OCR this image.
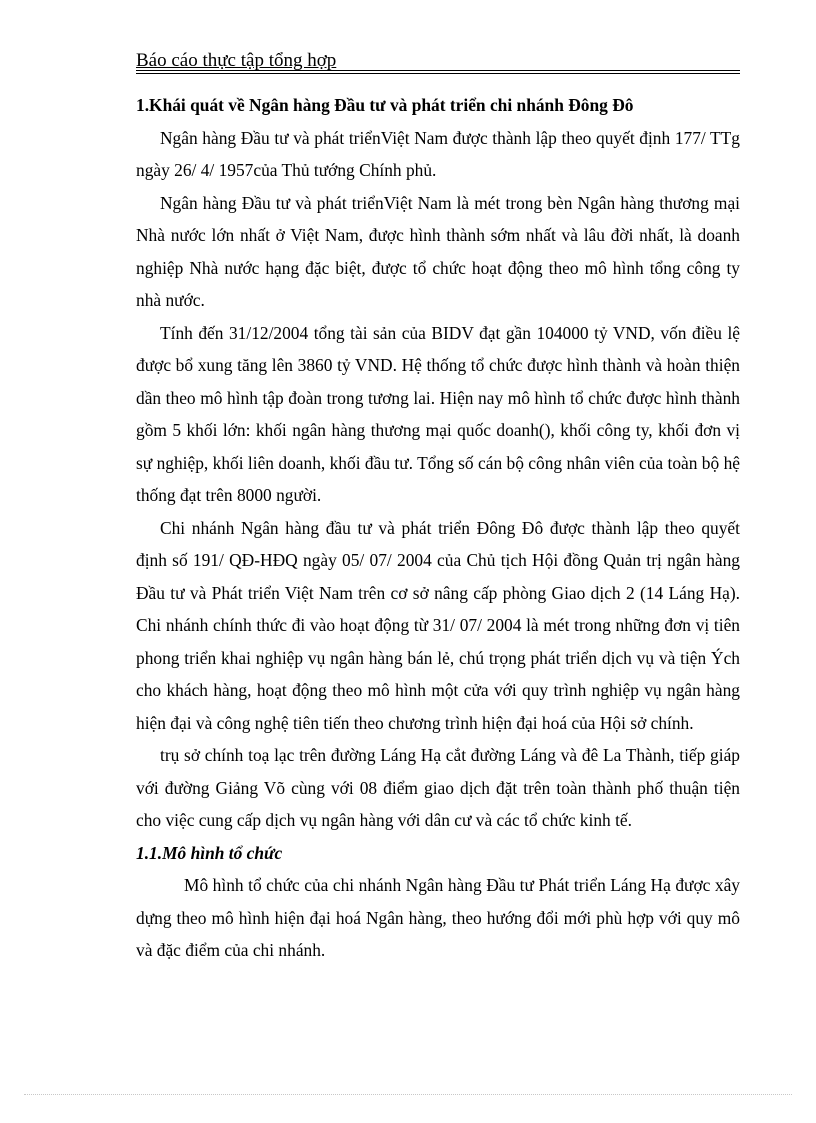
Báo cáo thực tập tổng hợp

1.Khái quát về Ngân hàng Đầu tư và phát triển chi nhánh Đông Đô

Ngân hàng Đầu tư và phát triểnViệt Nam được thành lập theo quyết định 177/ TTg ngày 26/ 4/ 1957của Thủ tướng Chính phủ.

Ngân hàng Đầu tư và phát triểnViệt Nam là mét trong bèn Ngân hàng thương mại Nhà nước lớn nhất ở Việt Nam, được hình thành sớm nhất và lâu đời nhất, là doanh nghiệp Nhà nước hạng đặc biệt, được tổ chức hoạt động theo mô hình tổng công ty nhà nước.

Tính đến 31/12/2004 tổng tài sản của BIDV đạt gần 104000 tỷ VND, vốn điều lệ được bổ xung tăng lên 3860 tỷ VND. Hệ thống tổ chức được hình thành và hoàn thiện dần theo mô hình tập đoàn trong tương lai. Hiện nay mô hình tổ chức được hình thành gồm 5 khối lớn: khối ngân hàng thương mại quốc doanh(), khối công ty, khối đơn vị sự nghiệp, khối liên doanh, khối đầu tư. Tổng số cán bộ công nhân viên của toàn bộ hệ thống đạt trên 8000 người.

Chi nhánh Ngân hàng đầu tư và phát triển Đông Đô được thành lập theo quyết định số 191/ QĐ-HĐQ ngày 05/ 07/ 2004 của Chủ tịch Hội đồng Quản trị ngân hàng Đầu tư và Phát triển Việt Nam trên cơ sở nâng cấp phòng Giao dịch 2 (14 Láng Hạ). Chi nhánh chính thức đi vào hoạt động từ 31/ 07/ 2004 là mét trong những đơn vị tiên phong triển khai nghiệp vụ ngân hàng bán lẻ, chú trọng phát triển dịch vụ và tiện Ých cho khách hàng, hoạt động theo mô hình một cửa với quy trình nghiệp vụ ngân hàng hiện đại và công nghệ tiên tiến theo chương trình hiện đại hoá của Hội sở chính.

trụ sở chính toạ lạc trên đường Láng Hạ cắt đường Láng và đê La Thành, tiếp giáp với đường Giảng Võ cùng với 08 điểm giao dịch đặt trên toàn thành phố thuận tiện cho việc cung cấp dịch vụ ngân hàng với dân cư và các tổ chức kinh tế.

1.1.Mô hình tổ chức

Mô hình tổ chức của chi nhánh Ngân hàng Đầu tư Phát triển Láng Hạ được xây dựng theo mô hình hiện đại hoá Ngân hàng, theo hướng đổi mới phù hợp với quy mô và đặc điểm của chi nhánh.
